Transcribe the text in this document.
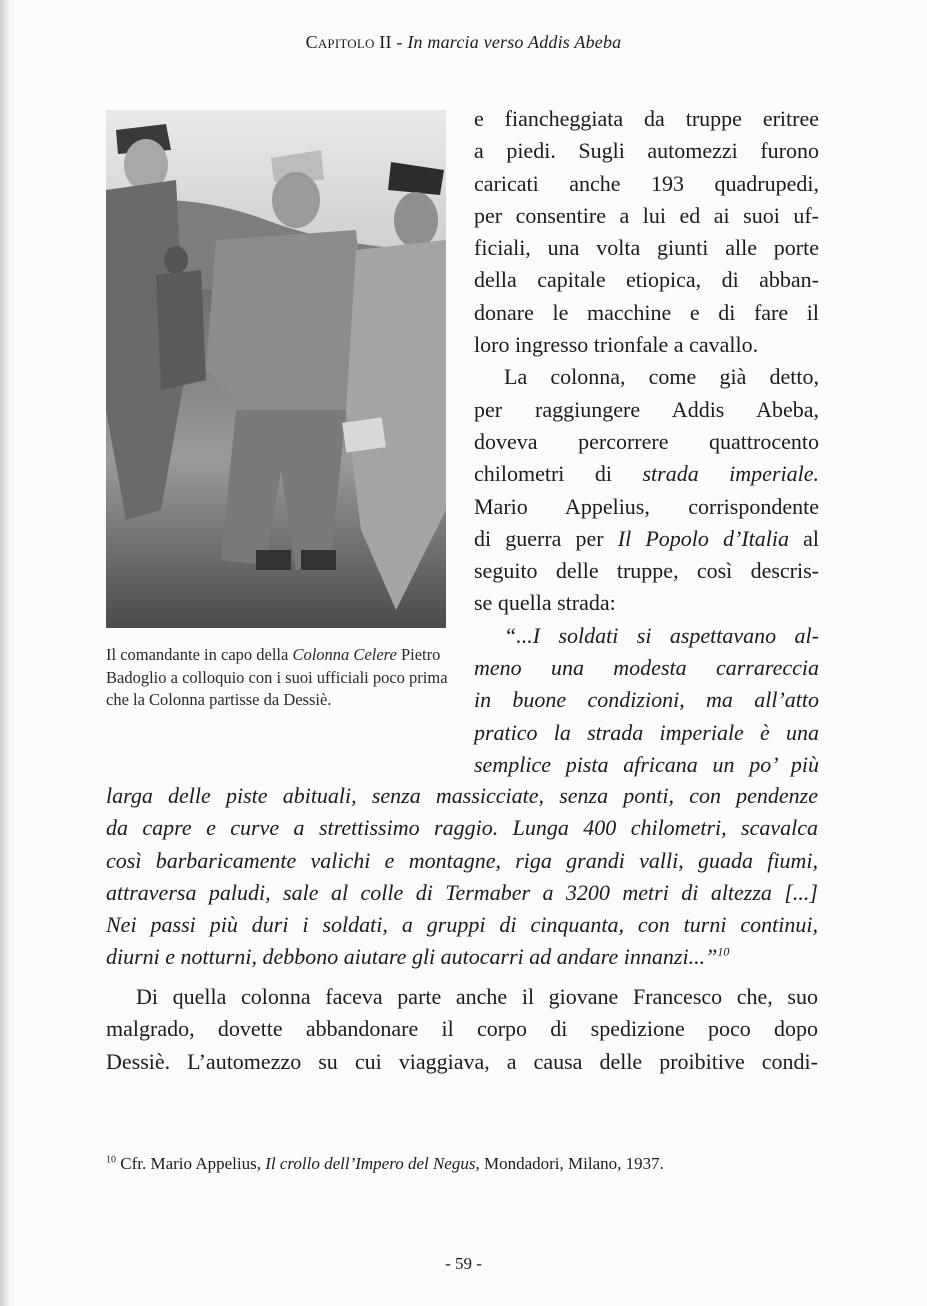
Capitolo II - In marcia verso Addis Abeba

Il comandante in capo della Colonna Celere Pietro Badoglio a colloquio con i suoi ufficiali poco prima che la Colonna partisse da Dessiè.

e fiancheggiata da truppe eritree
a piedi. Sugli automezzi furono
caricati anche 193 quadrupedi,
per consentire a lui ed ai suoi uf-
ficiali, una volta giunti alle porte
della capitale etiopica, di abban-
donare le macchine e di fare il
loro ingresso trionfale a cavallo.
La colonna, come già detto,
per raggiungere Addis Abeba,
doveva percorrere quattrocento
chilometri di strada imperiale.
Mario Appelius, corrispondente
di guerra per Il Popolo d’Italia al
seguito delle truppe, così descris-
se quella strada:
“...I soldati si aspettavano al-
meno una modesta carrareccia
in buone condizioni, ma all’atto
pratico la strada imperiale è una
semplice pista africana un po’ più
larga delle piste abituali, senza massicciate, senza ponti, con pendenze
da capre e curve a strettissimo raggio. Lunga 400 chilometri, scavalca
così barbaricamente valichi e montagne, riga grandi valli, guada fiumi,
attraversa paludi, sale al colle di Termaber a 3200 metri di altezza [...]
Nei passi più duri i soldati, a gruppi di cinquanta, con turni continui,
diurni e notturni, debbono aiutare gli autocarri ad andare innanzi...”$^{10}$
Di quella colonna faceva parte anche il giovane Francesco che, suo
malgrado, dovette abbandonare il corpo di spedizione poco dopo
Dessiè. L’automezzo su cui viaggiava, a causa delle proibitive condi-
$^{10}$ Cfr. Mario Appelius, Il crollo dell’Impero del Negus, Mondadori, Milano, 1937.
- 59 -
